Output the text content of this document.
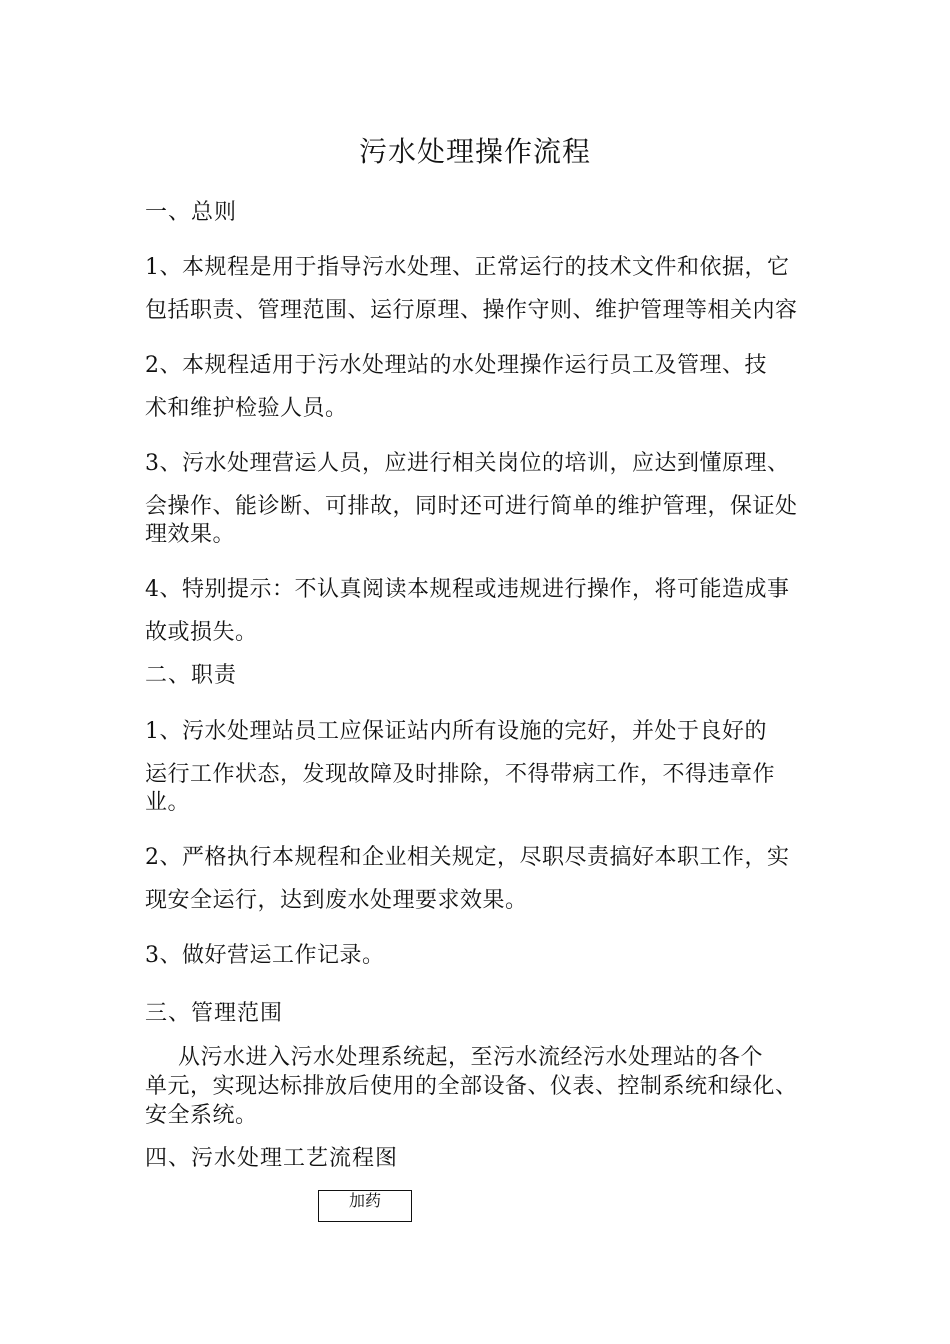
污水处理操作流程
一、总则
1、本规程是用于指导污水处理、正常运行的技术文件和依据，它
包括职责、管理范围、运行原理、操作守则、维护管理等相关内容
2、本规程适用于污水处理站的水处理操作运行员工及管理、技
术和维护检验人员。
3、污水处理营运人员，应进行相关岗位的培训，应达到懂原理、
会操作、能诊断、可排故，同时还可进行简单的维护管理，保证处
理效果。
4、特别提示：不认真阅读本规程或违规进行操作，将可能造成事
故或损失。
二、职责
1、污水处理站员工应保证站内所有设施的完好，并处于良好的
运行工作状态，发现故障及时排除，不得带病工作，不得违章作
业。
2、严格执行本规程和企业相关规定，尽职尽责搞好本职工作，实
现安全运行，达到废水处理要求效果。
3、做好营运工作记录。
三、管理范围
从污水进入污水处理系统起，至污水流经污水处理站的各个
单元，实现达标排放后使用的全部设备、仪表、控制系统和绿化、
安全系统。
四、污水处理工艺流程图
加药
